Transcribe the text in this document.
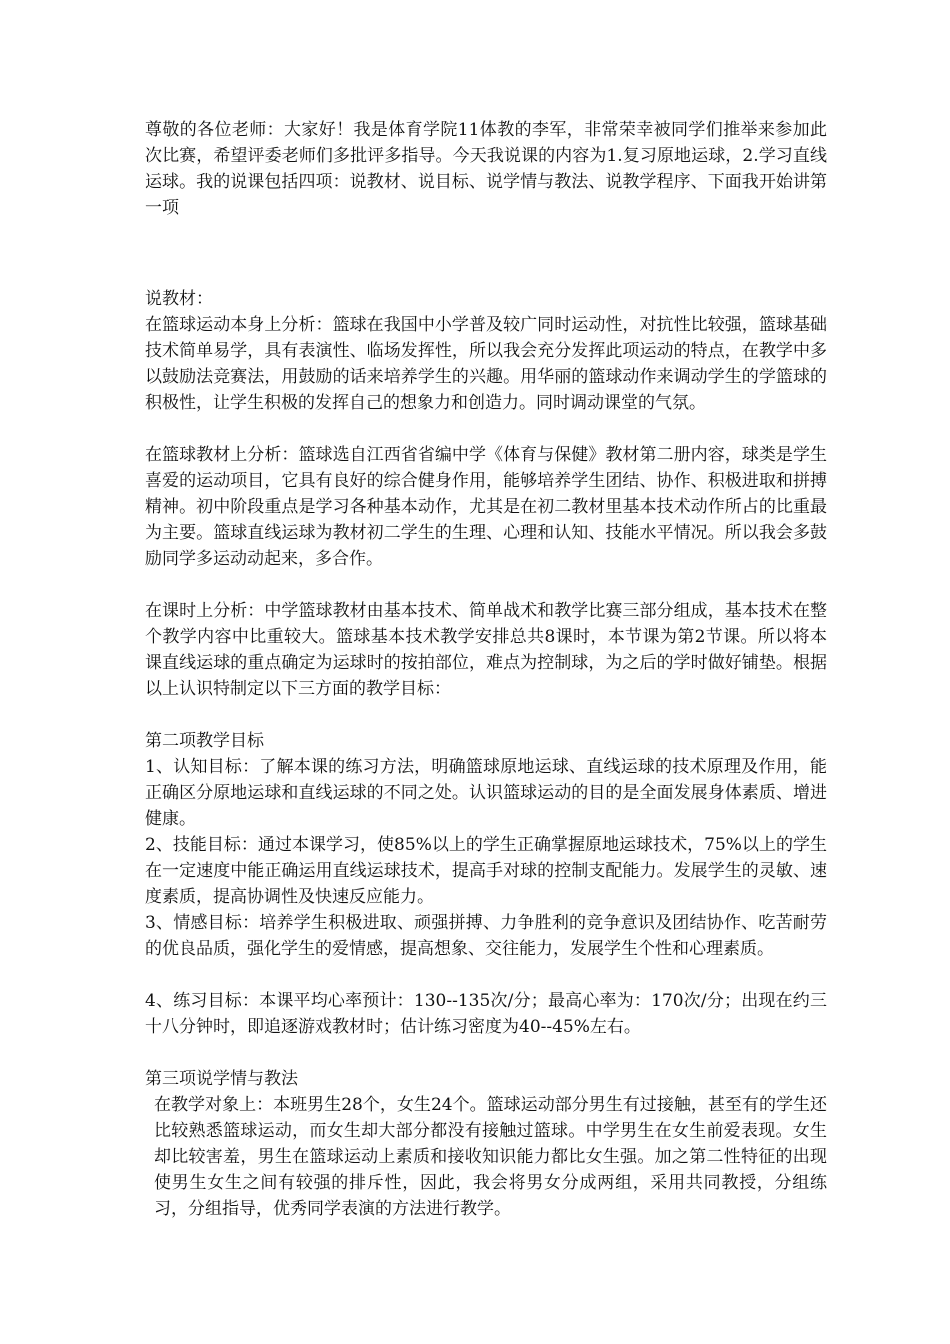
尊敬的各位老师：大家好！我是体育学院11体教的李军，非常荣幸被同学们推举来参加此次比赛，希望评委老师们多批评多指导。今天我说课的内容为1.复习原地运球，2.学习直线运球。我的说课包括四项：说教材、说目标、说学情与教法、说教学程序、下面我开始讲第一项

说教材：

在篮球运动本身上分析：篮球在我国中小学普及较广同时运动性，对抗性比较强，篮球基础技术简单易学，具有表演性、临场发挥性，所以我会充分发挥此项运动的特点，在教学中多以鼓励法竞赛法，用鼓励的话来培养学生的兴趣。用华丽的篮球动作来调动学生的学篮球的积极性，让学生积极的发挥自己的想象力和创造力。同时调动课堂的气氛。

在篮球教材上分析：篮球选自江西省省编中学《体育与保健》教材第二册内容，球类是学生喜爱的运动项目，它具有良好的综合健身作用，能够培养学生团结、协作、积极进取和拼搏精神。初中阶段重点是学习各种基本动作，尤其是在初二教材里基本技术动作所占的比重最为主要。篮球直线运球为教材初二学生的生理、心理和认知、技能水平情况。所以我会多鼓励同学多运动动起来，多合作。

在课时上分析：中学篮球教材由基本技术、简单战术和教学比赛三部分组成，基本技术在整个教学内容中比重较大。篮球基本技术教学安排总共8课时，本节课为第2节课。所以将本课直线运球的重点确定为运球时的按拍部位，难点为控制球，为之后的学时做好铺垫。根据以上认识特制定以下三方面的教学目标：

第二项教学目标

1、认知目标：了解本课的练习方法，明确篮球原地运球、直线运球的技术原理及作用，能正确区分原地运球和直线运球的不同之处。认识篮球运动的目的是全面发展身体素质、增进健康。

2、技能目标：通过本课学习，使85%以上的学生正确掌握原地运球技术，75%以上的学生在一定速度中能正确运用直线运球技术，提高手对球的控制支配能力。发展学生的灵敏、速度素质，提高协调性及快速反应能力。

3、情感目标：培养学生积极进取、顽强拼搏、力争胜利的竞争意识及团结协作、吃苦耐劳的优良品质，强化学生的爱情感，提高想象、交往能力，发展学生个性和心理素质。

4、练习目标：本课平均心率预计：130--135次/分；最高心率为：170次/分；出现在约三十八分钟时，即追逐游戏教材时；估计练习密度为40--45%左右。

第三项说学情与教法

在教学对象上：本班男生28个，女生24个。篮球运动部分男生有过接触，甚至有的学生还比较熟悉篮球运动，而女生却大部分都没有接触过篮球。中学男生在女生前爱表现。女生却比较害羞，男生在篮球运动上素质和接收知识能力都比女生强。加之第二性特征的出现使男生女生之间有较强的排斥性，因此，我会将男女分成两组，采用共同教授，分组练习，分组指导，优秀同学表演的方法进行教学。
